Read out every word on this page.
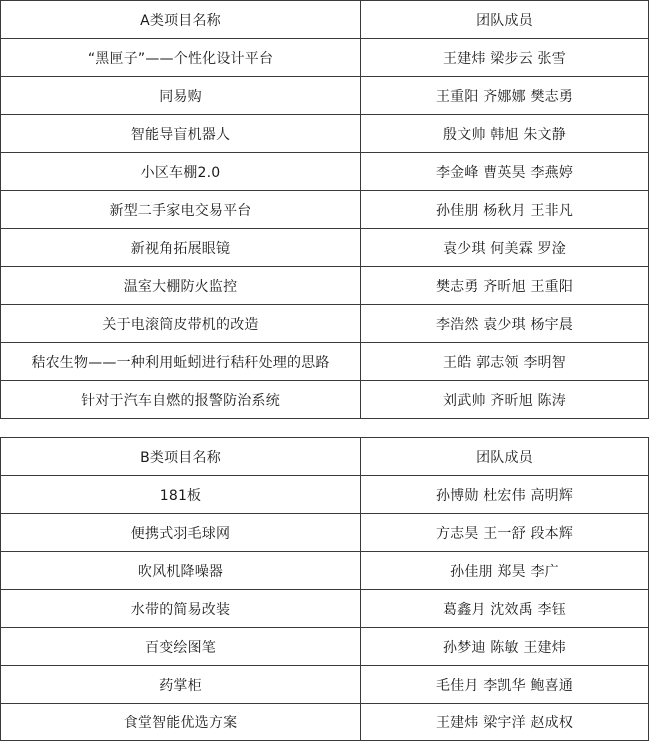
A类项目名称	团队成员
“黑匣子”——个性化设计平台	王建炜 梁步云 张雪
同易购	王重阳 齐娜娜 樊志勇
智能导盲机器人	殷文帅 韩旭 朱文静
小区车棚2.0	李金峰 曹英昊 李燕婷
新型二手家电交易平台	孙佳朋 杨秋月 王非凡
新视角拓展眼镜	袁少琪 何美霖 罗淦
温室大棚防火监控	樊志勇 齐昕旭 王重阳
关于电滚筒皮带机的改造	李浩然 袁少琪 杨宇晨
秸农生物——一种利用蚯蚓进行秸秆处理的思路	王皓 郭志领 李明智
针对于汽车自燃的报警防治系统	刘武帅 齐昕旭 陈涛
B类项目名称	团队成员
181板	孙博勋 杜宏伟 高明辉
便携式羽毛球网	方志昊 王一舒 段本辉
吹风机降噪器	孙佳朋 郑昊 李广
水带的简易改装	葛鑫月 沈效禹 李钰
百变绘图笔	孙梦迪 陈敏 王建炜
药掌柜	毛佳月 李凯华 鲍喜通
食堂智能优选方案	王建炜 梁宇洋 赵成权
